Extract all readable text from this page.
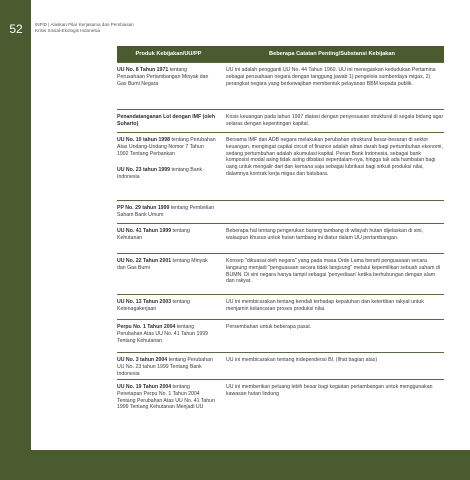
52	INFID | Alaskan Pilar Kerjasama dan Pembiasan
Krisis Sosial-Ekologis Indonesia
Produk Kebijakan/UU/PP	Beberapa Catatan Penting/Substansi Kebijakan
UU No. 8 Tahun 1971 tentang Perusahaan Pertambangan Minyak dan Gas Bumi Negara
UU ini adalah pengganti UU No. 44 Tahun 1960. UU ini menegaskan kedudukan Pertamina sebagai perusahaan negara dengan tanggung jawab 1) pengelola sumberdaya migas, 2) perangkat negara yang berkewajiban membentuk pelayanan BBM kepada publik.
Penandatanganan LoI dengan IMF (oleh Suharto)
Krisis keuangan pada tahun 1997 diatasi dengan penyesuaian struktural di segala bidang agar selaras dengan kepentingan kapital.
UU No. 10 tahun 1998 tentang Perubahan Atas Undang-Undang Nomor 7 Tahun 1992 Tentang Perbankan
UU No. 23 tahun 1999 tentang Bank Indonesia
Bersama IMF dan ADB negara melakukan perubahan struktural besar-besaran di sektor keuangan, mengingat capital circuit of finance adalah aliran darah bagi pertumbuhan ekonomi, sedang pertumbuhan adalah akumulasi kapital. Peran Bank Indonesia, sebagai bank komposisi modal asing tidak asing dibatasi seperdalam-nya, hingga tak ada hambatan bagi uang untuk mengalir dari dan kemana saja sebagai lubrikasi bagi sirkuit produksi nilai, dalamnya kontrak kerja migas dan batubara.
PP No. 29 tahun 1999 tentang Pembelian Saham Bank Umum
UU No. 41 Tahun 1999 tentang Kehutanan
Beberapa hal tentang pengerukan barang tambang di wilayah hutan dijelaskan di sini, walaupun khusus untuk hutan tambang ini diatur dalam UU pertambangan.
UU No. 22 Tahun 2001 tentang Minyak dan Gas Bumi
Konsep "dikuasai oleh negara" yang pada masa Orde Lama berarti penguasaan secara langsung menjadi "penguasaan secara tidak langsung" melalui kepemilikan sebuah saham di BUMN. Di sini negara hanya tampil sebagai 'penyediaan' ketika berhubungan dengan alam dan rakyat.
UU No. 13 Tahun 2003 tentang Ketenagakerjaan
UU ini membicarakan tentang kendali terhadap kepatuhan dan ketertiban rakyat untuk menjamin kelancaran proses produksi nilai.
Perpu No. 1 Tahun 2004 tentang Perubahan Atas UU No. 41 Tahun 1999 Tentang Kehutanan
Persembahan untuk beberapa pasal.
UU No. 3 tahun 2004 tentang Perubahan UU No. 23 tahun 1999 Tentang Bank Indonesia
UU ini membicarakan tentang independensi BI. (lihat bagian atas)
UU No. 19 Tahun 2004 tentang Penetapan Perpu No. 1 Tahun 2004 Tentang Perubahan Atas UU No. 41 Tahun 1999 Tentang Kehutanan Menjadi UU
UU ini memberikan peluang lebih besar bagi kegiatan pertambangan untuk menggunakan kawasan hutan lindung
